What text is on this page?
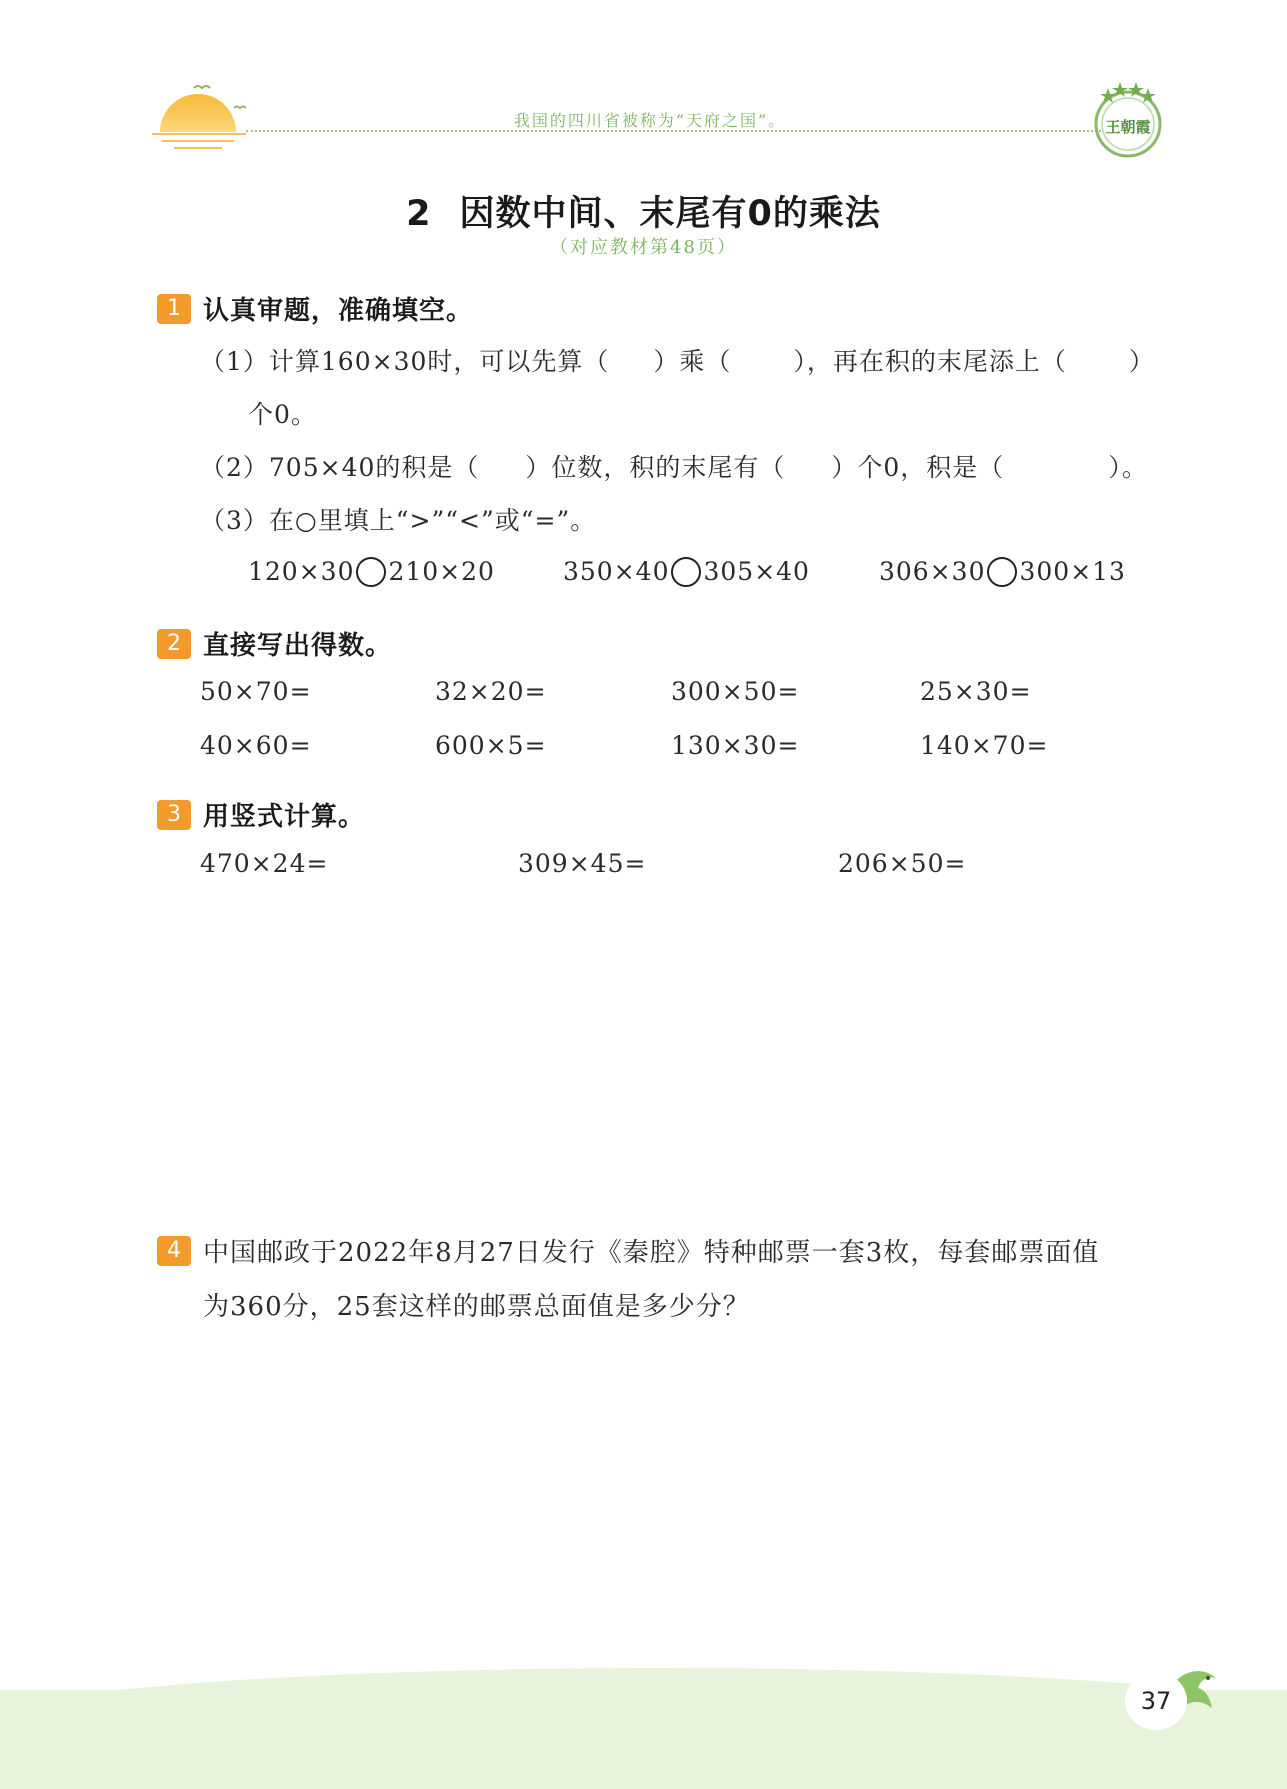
我国的四川省被称为“天府之国”。	王朝霞
2 因数中间、末尾有0的乘法
（对应教材第48页）
1 认真审题，准确填空。
（1）计算160×30时，可以先算（ ）乘（ ），再在积的末尾添上（ ）
个0。
（2）705×40的积是（ ）位数，积的末尾有（ ）个0，积是（	）。
（3）在○里填上“>”“<”或“=”。
120×30 210×20	350×40 305×40	306×30 300×13
2 直接写出得数。
50×70=	32×20=	300×50=	25×30=
40×60=	600×5=	130×30=	140×70=
3 用竖式计算。
470×24=	309×45=	206×50=
4 中国邮政于2022年8月27日发行《秦腔》特种邮票一套3枚，每套邮票面值
为360分，25套这样的邮票总面值是多少分？
37
